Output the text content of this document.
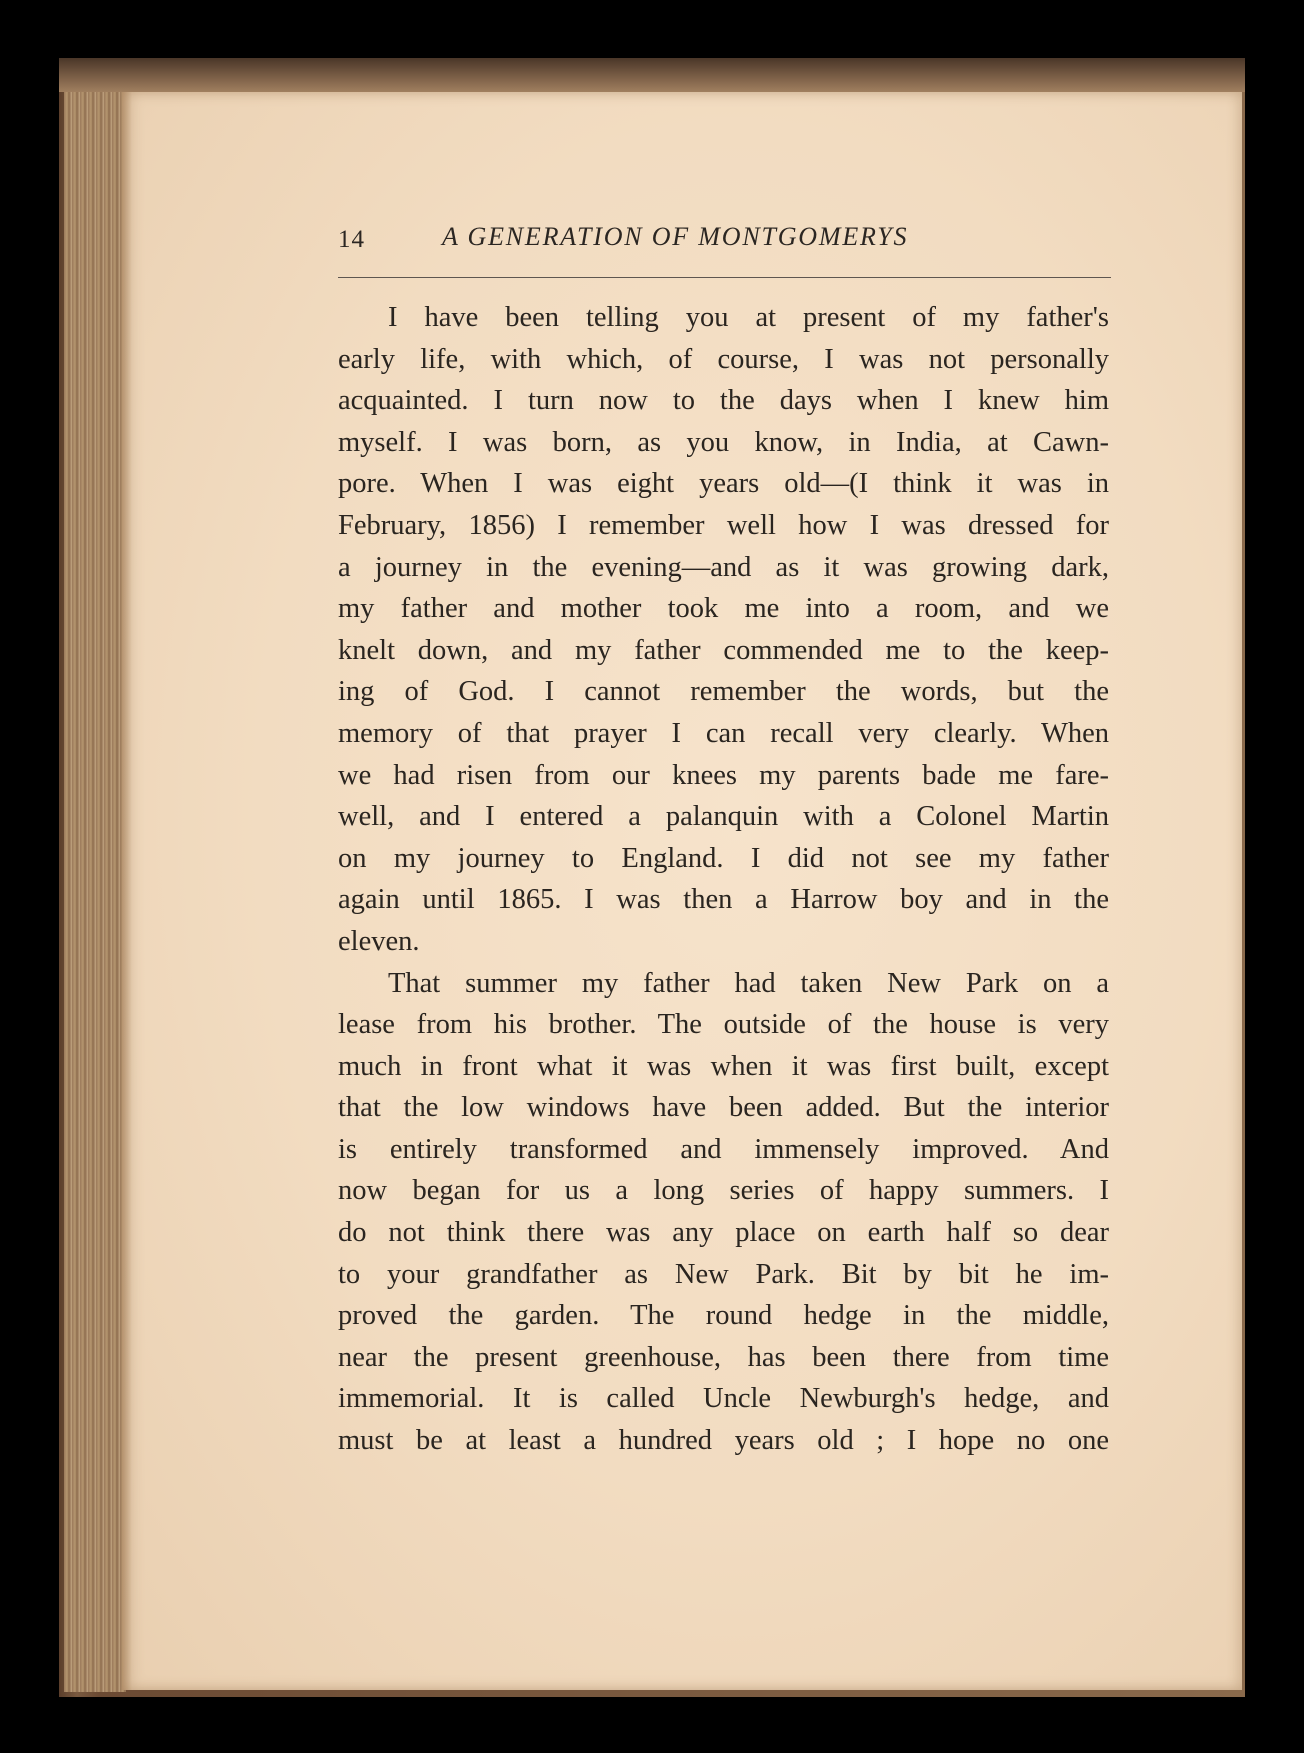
14	A GENERATION OF MONTGOMERYS
I have been telling you at present of my father's
early life, with which, of course, I was not personally
acquainted. I turn now to the days when I knew him
myself. I was born, as you know, in India, at Cawn-
pore. When I was eight years old—(I think it was in
February, 1856) I remember well how I was dressed for
a journey in the evening—and as it was growing dark,
my father and mother took me into a room, and we
knelt down, and my father commended me to the keep-
ing of God. I cannot remember the words, but the
memory of that prayer I can recall very clearly. When
we had risen from our knees my parents bade me fare-
well, and I entered a palanquin with a Colonel Martin
on my journey to England. I did not see my father
again until 1865. I was then a Harrow boy and in the
eleven.
That summer my father had taken New Park on a
lease from his brother. The outside of the house is very
much in front what it was when it was first built, except
that the low windows have been added. But the interior
is entirely transformed and immensely improved. And
now began for us a long series of happy summers. I
do not think there was any place on earth half so dear
to your grandfather as New Park. Bit by bit he im-
proved the garden. The round hedge in the middle,
near the present greenhouse, has been there from time
immemorial. It is called Uncle Newburgh's hedge, and
must be at least a hundred years old ; I hope no one
